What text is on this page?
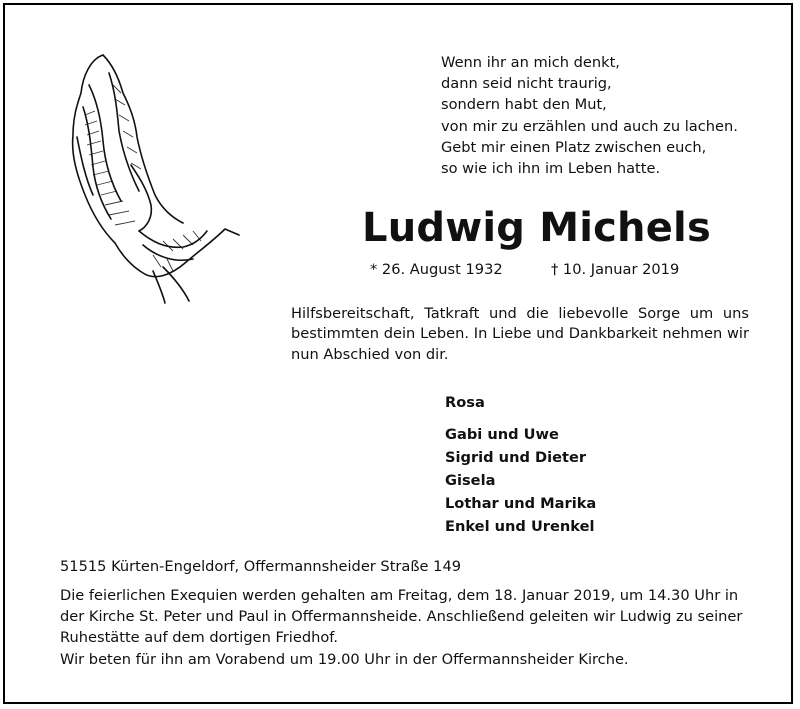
Wenn ihr an mich denkt,
dann seid nicht traurig,
sondern habt den Mut,
von mir zu erzählen und auch zu lachen.
Gebt mir einen Platz zwischen euch,
so wie ich ihn im Leben hatte.
Ludwig Michels
* 26. August 1932	† 10. Januar 2019
Hilfsbereitschaft, Tatkraft und die liebevolle Sorge um uns bestimmten dein Leben. In Liebe und Dankbarkeit nehmen wir nun Abschied von dir.
Rosa
Gabi und Uwe
Sigrid und Dieter
Gisela
Lothar und Marika
Enkel und Urenkel
51515 Kürten-Engeldorf, Offermannsheider Straße 149
Die feierlichen Exequien werden gehalten am Freitag, dem 18. Januar 2019, um 14.30 Uhr in
der Kirche St. Peter und Paul in Offermannsheide. Anschließend geleiten wir Ludwig zu seiner
Ruhestätte auf dem dortigen Friedhof.
Wir beten für ihn am Vorabend um 19.00 Uhr in der Offermannsheider Kirche.
